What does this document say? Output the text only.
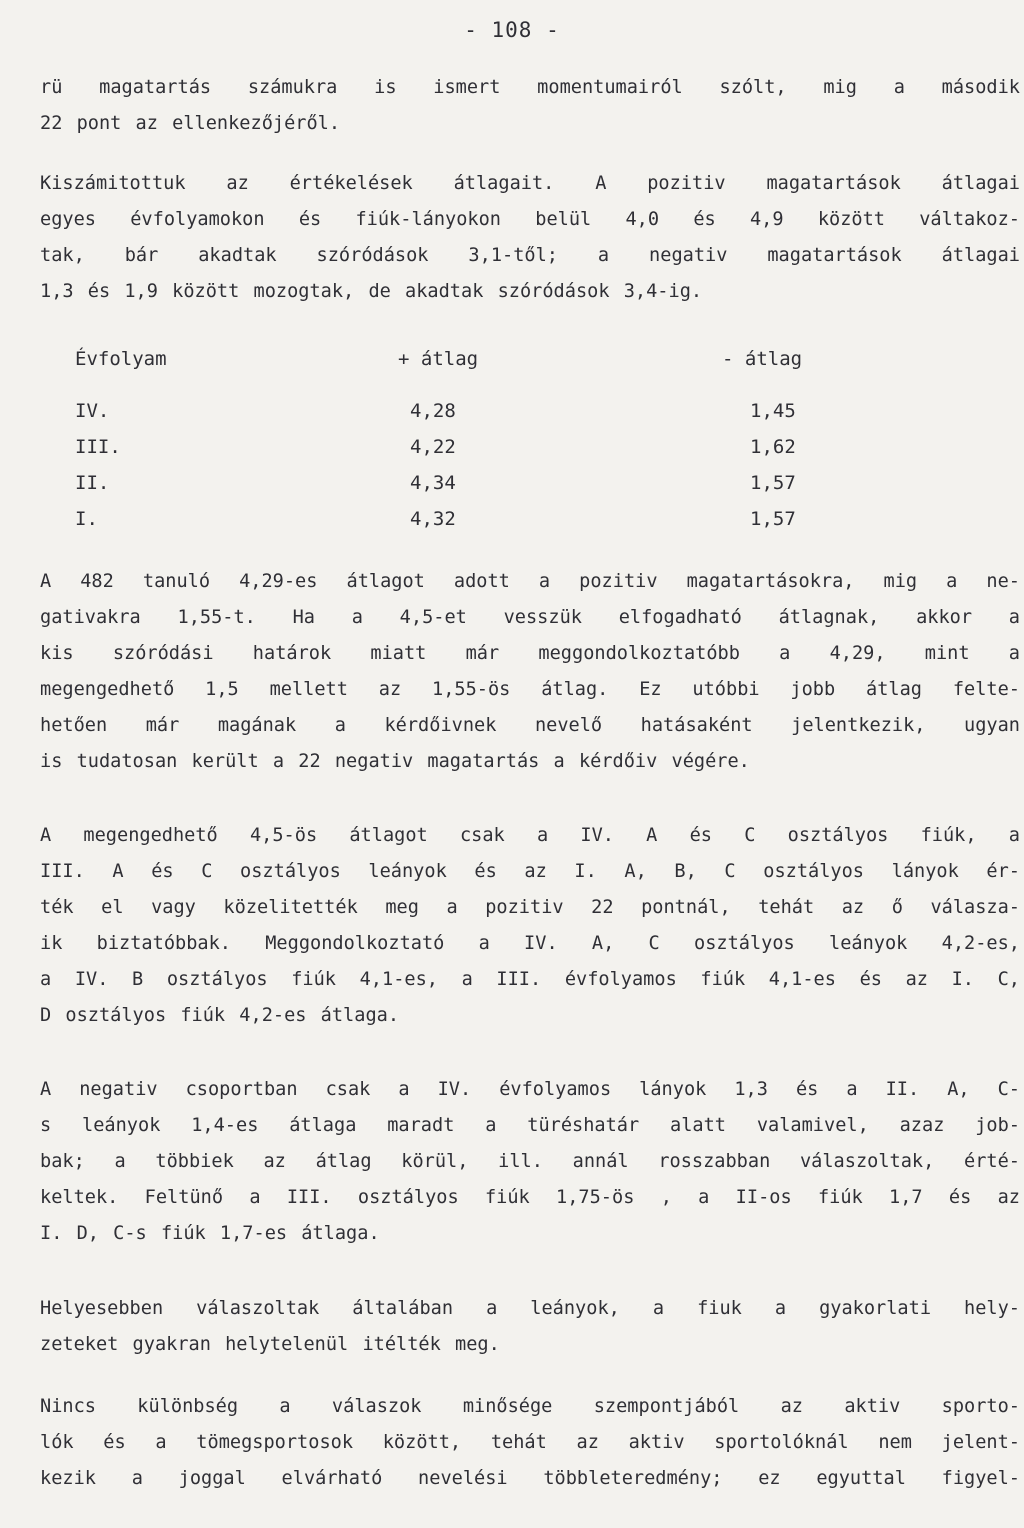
- 108 -
rü magatartás számukra is ismert momentumairól szólt, mig a második
22 pont az ellenkezőjéről.
Kiszámitottuk az értékelések átlagait. A pozitiv magatartások átlagai
egyes évfolyamokon és fiúk-lányokon belül 4,0 és 4,9 között váltakoz-
tak, bár akadtak szóródások 3,1-től; a negativ magatartások átlagai
1,3 és 1,9 között mozogtak, de akadtak szóródások 3,4-ig.
Évfolyam	+ átlag	- átlag
IV.	4,28	1,45
III.	4,22	1,62
II.	4,34	1,57
I.	4,32	1,57
A 482 tanuló 4,29-es átlagot adott a pozitiv magatartásokra, mig a ne-
gativakra 1,55-t. Ha a 4,5-et vesszük elfogadható átlagnak, akkor a
kis szóródási határok miatt már meggondolkoztatóbb a 4,29, mint a
megengedhető 1,5 mellett az 1,55-ös átlag. Ez utóbbi jobb átlag felte-
hetően már magának a kérdőivnek nevelő hatásaként jelentkezik, ugyan
is tudatosan került a 22 negativ magatartás a kérdőiv végére.
A megengedhető 4,5-ös átlagot csak a IV. A és C osztályos fiúk, a
III. A és C osztályos leányok és az I. A, B, C osztályos lányok ér-
ték el vagy közelitették meg a pozitiv 22 pontnál, tehát az ő válasza-
ik biztatóbbak. Meggondolkoztató a IV. A, C osztályos leányok 4,2-es,
a IV. B osztályos fiúk 4,1-es, a III. évfolyamos fiúk 4,1-es és az I. C,
D osztályos fiúk 4,2-es átlaga.
A negativ csoportban csak a IV. évfolyamos lányok 1,3 és a II. A, C-
s leányok 1,4-es átlaga maradt a türéshatár alatt valamivel, azaz job-
bak; a többiek az átlag körül, ill. annál rosszabban válaszoltak, érté-
keltek. Feltünő a III. osztályos fiúk 1,75-ös , a II-os fiúk 1,7 és az
I. D, C-s fiúk 1,7-es átlaga.
Helyesebben válaszoltak általában a leányok, a fiuk a gyakorlati hely-
zeteket gyakran helytelenül itélték meg.
Nincs különbség a válaszok minősége szempontjából az aktiv sporto-
lók és a tömegsportosok között, tehát az aktiv sportolóknál nem jelent-
kezik a joggal elvárható nevelési többleteredmény; ez egyuttal figyel-
